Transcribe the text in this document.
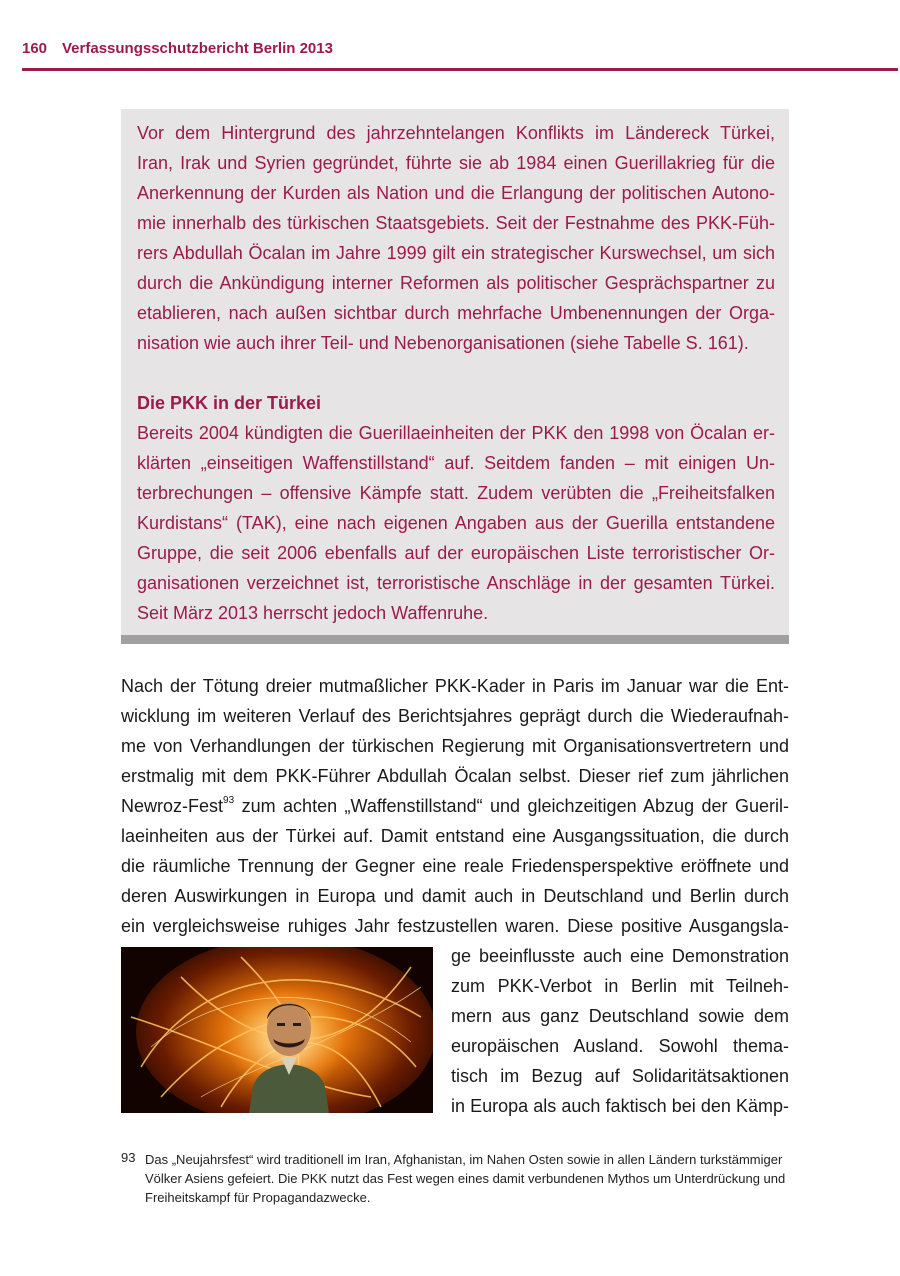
160 Verfassungsschutzbericht Berlin 2013
Vor dem Hintergrund des jahrzehntelangen Konflikts im Ländereck Türkei,
Iran, Irak und Syrien gegründet, führte sie ab 1984 einen Guerillakrieg für die
Anerkennung der Kurden als Nation und die Erlangung der politischen Autono-
mie innerhalb des türkischen Staatsgebiets. Seit der Festnahme des PKK-Füh-
rers Abdullah Öcalan im Jahre 1999 gilt ein strategischer Kurswechsel, um sich
durch die Ankündigung interner Reformen als politischer Gesprächspartner zu
etablieren, nach außen sichtbar durch mehrfache Umbenennungen der Orga-
nisation wie auch ihrer Teil- und Nebenorganisationen (siehe Tabelle S. 161).
Die PKK in der Türkei
Bereits 2004 kündigten die Guerillaeinheiten der PKK den 1998 von Öcalan er-
klärten „einseitigen Waffenstillstand“ auf. Seitdem fanden – mit einigen Un-
terbrechungen – offensive Kämpfe statt. Zudem verübten die „Freiheitsfalken
Kurdistans“ (TAK), eine nach eigenen Angaben aus der Guerilla entstandene
Gruppe, die seit 2006 ebenfalls auf der europäischen Liste terroristischer Or-
ganisationen verzeichnet ist, terroristische Anschläge in der gesamten Türkei.
Seit März 2013 herrscht jedoch Waffenruhe.
Nach der Tötung dreier mutmaßlicher PKK-Kader in Paris im Januar war die Ent-
wicklung im weiteren Verlauf des Berichtsjahres geprägt durch die Wiederaufnah-
me von Verhandlungen der türkischen Regierung mit Organisationsvertretern und
erstmalig mit dem PKK-Führer Abdullah Öcalan selbst. Dieser rief zum jährlichen
Newroz-Fest$^{93}$ zum achten „Waffenstillstand“ und gleichzeitigen Abzug der Gueril-
laeinheiten aus der Türkei auf. Damit entstand eine Ausgangssituation, die durch
die räumliche Trennung der Gegner eine reale Friedensperspektive eröffnete und
deren Auswirkungen in Europa und damit auch in Deutschland und Berlin durch
ein vergleichsweise ruhiges Jahr festzustellen waren. Diese positive Ausgangsla-
ge beeinflusste auch eine Demonstration
zum PKK-Verbot in Berlin mit Teilneh-
mern aus ganz Deutschland sowie dem
europäischen Ausland. Sowohl thema-
tisch im Bezug auf Solidaritätsaktionen
in Europa als auch faktisch bei den Kämp-
93 Das „Neujahrsfest“ wird traditionell im Iran, Afghanistan, im Nahen Osten sowie in allen Ländern turkstämmiger Völker Asiens gefeiert. Die PKK nutzt das Fest wegen eines damit verbundenen Mythos um Unterdrückung und Freiheitskampf für Propagandazwecke.
